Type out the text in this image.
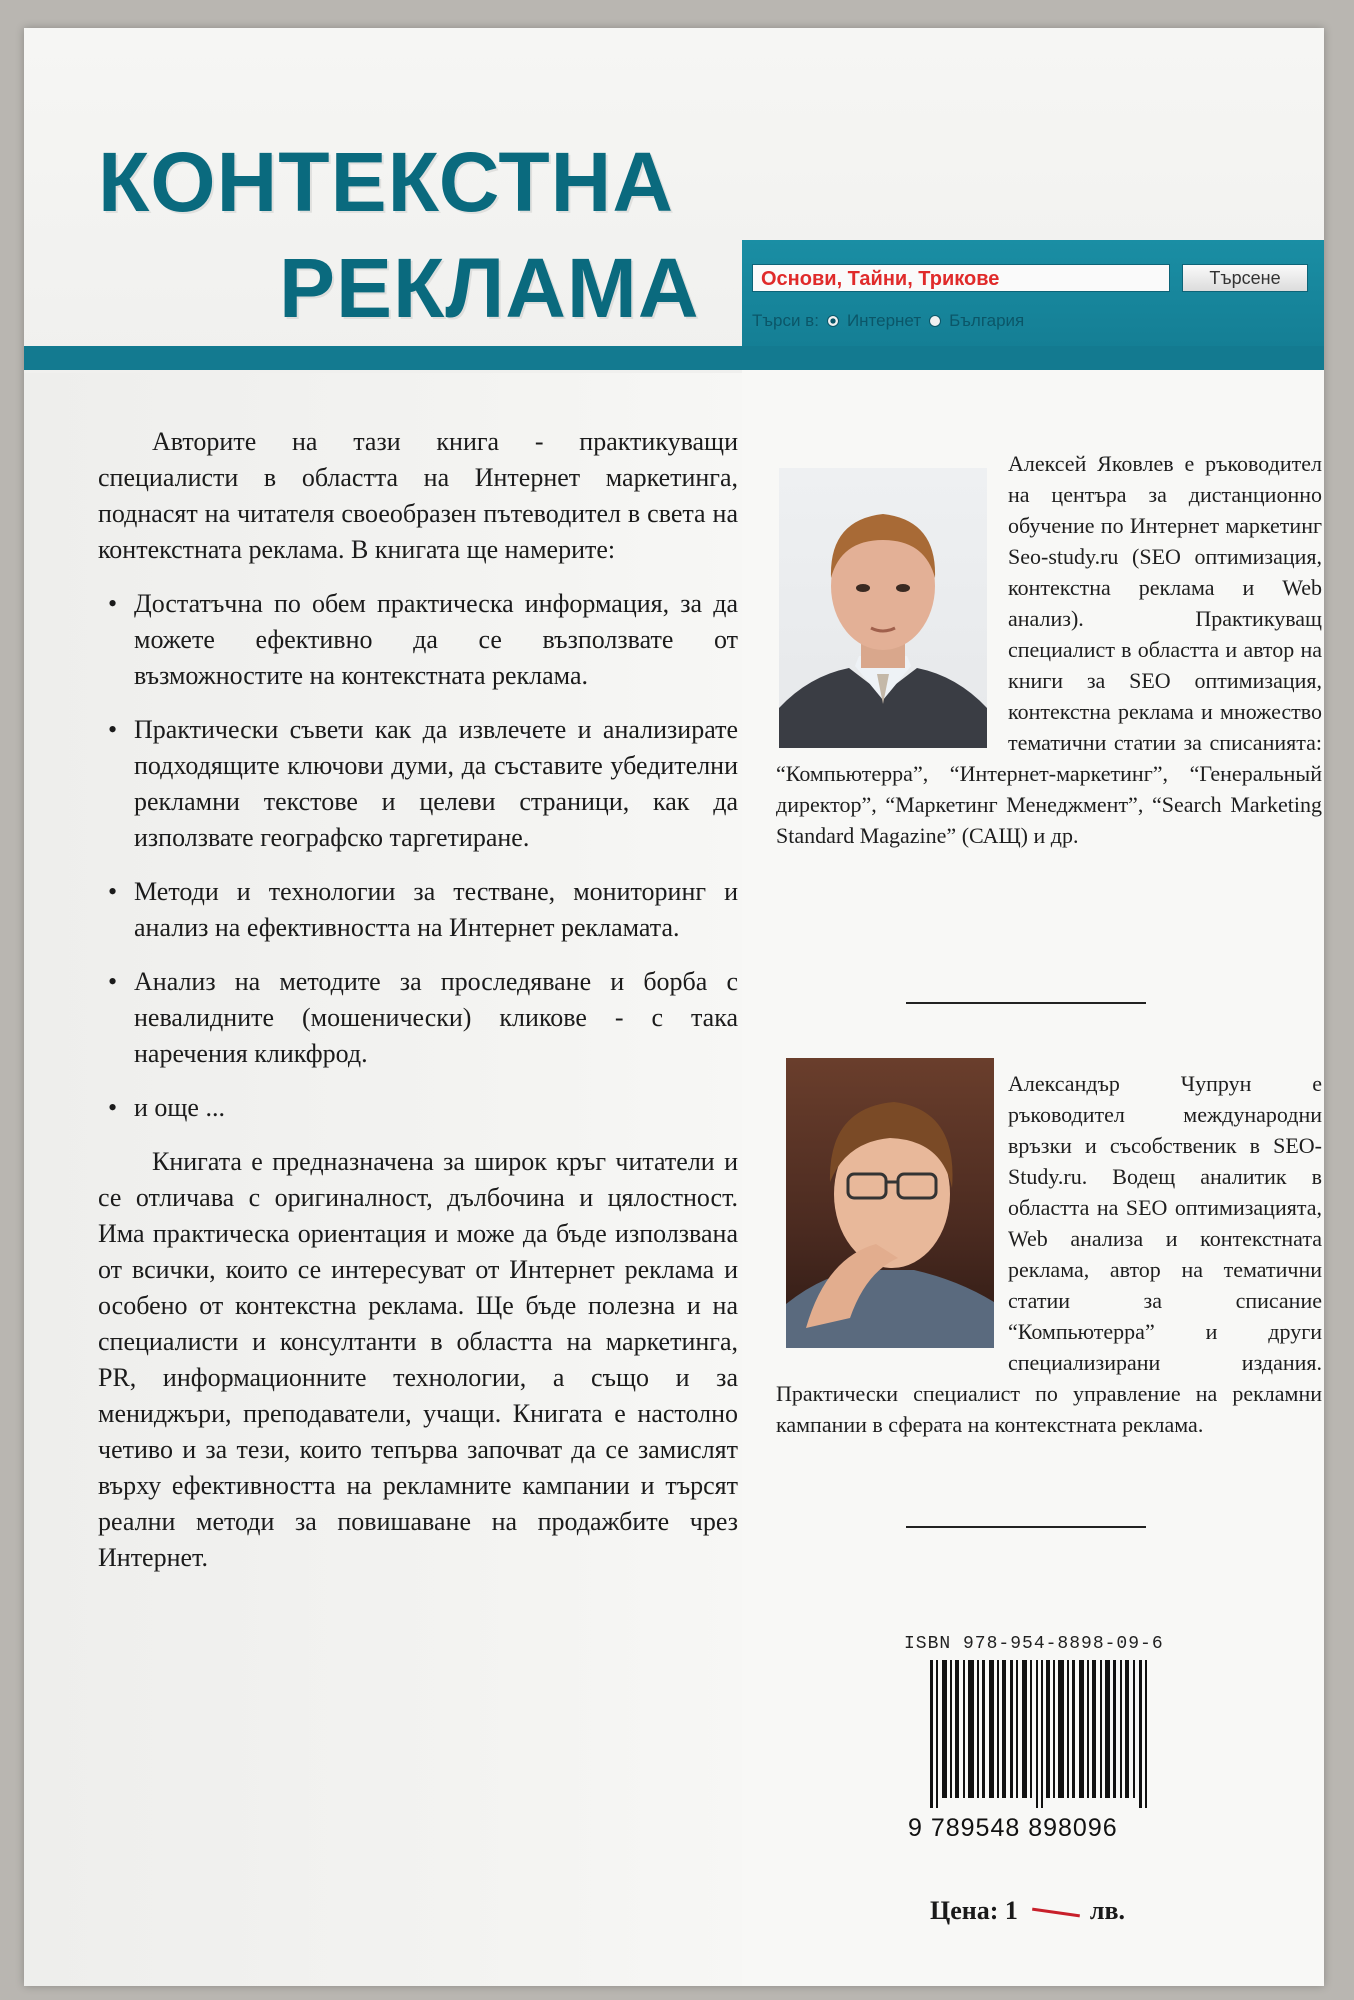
КОНТЕКСТНА
РЕКЛАМА	Основи, Тайни, Трикове	Търсене
Търси в: Интернет България

Авторите на тази книга - практикуващи специалисти в областта на Интернет маркетинга, поднасят на читателя своеобразен пътеводител в света на контекстната реклама. В книгата ще намерите:

• Достатъчна по обем практическа информация, за да можете ефективно да се възползвате от възможностите на контекстната реклама.
• Практически съвети как да извлечете и анализирате подходящите ключови думи, да съставите убедителни рекламни текстове и целеви страници, как да използвате географско таргетиране.
• Методи и технологии за тестване, мониторинг и анализ на ефективността на Интернет рекламата.
• Анализ на методите за проследяване и борба с невалидните (мошенически) кликове - с така наречения кликфрод.
• и още ...

Книгата е предназначена за широк кръг читатели и се отличава с оригиналност, дълбочина и цялостност. Има практическа ориентация и може да бъде използвана от всички, които се интересуват от Интернет реклама и особено от контекстна реклама. Ще бъде полезна и на специалисти и консултанти в областта на маркетинга, PR, информационните технологии, а също и за мениджъри, преподаватели, учащи. Книгата е настолно четиво и за тези, които тепърва започват да се замислят върху ефективността на рекламните кампании и търсят реални методи за повишаване на продажбите чрез Интернет.

Алексей Яковлев е ръководител на центъра за дистанционно обучение по Интернет маркетинг Seo-study.ru (SEO оптимизация, контекстна реклама и Web анализ). Практикуващ специалист в областта и автор на книги за SEO оптимизация, контекстна реклама и множество тематични статии за списанията: “Компьютерра”, “Интернет-маркетинг”, “Генеральный директор”, “Маркетинг Менеджмент”, “Search Marketing Standard Magazine” (САЩ) и др.
Александър Чупрун е ръководител международни връзки и съсобственик в SEO-Study.ru. Водещ аналитик в областта на SEO оптимизацията, Web анализа и контекстната реклама, автор на тематични статии за списание “Компьютерра” и други специализирани издания. Практически специалист по управление на рекламни кампании в сферата на контекстната реклама.
ISBN 978-954-8898-09-6
9 789548 898096
Цена: 1	лв.
